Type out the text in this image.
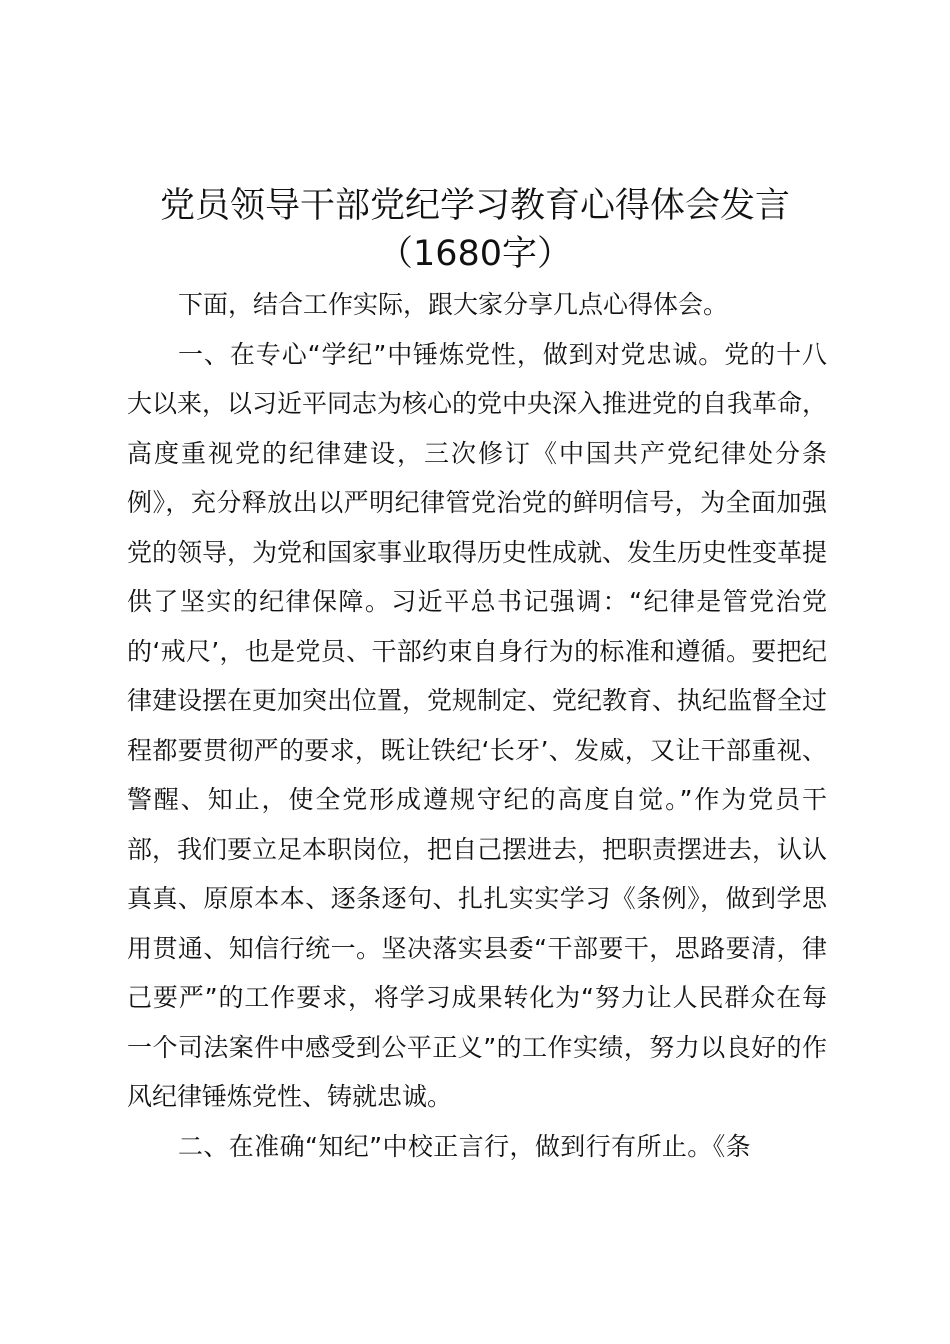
党员领导干部党纪学习教育心得体会发言
（1680字）

下面，结合工作实际，跟大家分享几点心得体会。

一、在专心“学纪”中锤炼党性，做到对党忠诚。党的十八大以来，以习近平同志为核心的党中央深入推进党的自我革命，高度重视党的纪律建设，三次修订《中国共产党纪律处分条例》，充分释放出以严明纪律管党治党的鲜明信号，为全面加强党的领导，为党和国家事业取得历史性成就、发生历史性变革提供了坚实的纪律保障。习近平总书记强调：“纪律是管党治党的‘戒尺’，也是党员、干部约束自身行为的标准和遵循。要把纪律建设摆在更加突出位置，党规制定、党纪教育、执纪监督全过程都要贯彻严的要求，既让铁纪‘长牙’、发威，又让干部重视、警醒、知止，使全党形成遵规守纪的高度自觉。”作为党员干部，我们要立足本职岗位，把自己摆进去，把职责摆进去，认认真真、原原本本、逐条逐句、扎扎实实学习《条例》，做到学思用贯通、知信行统一。坚决落实县委“干部要干，思路要清，律己要严”的工作要求，将学习成果转化为“努力让人民群众在每一个司法案件中感受到公平正义”的工作实绩，努力以良好的作风纪律锤炼党性、铸就忠诚。

二、在准确“知纪”中校正言行，做到行有所止。《条
